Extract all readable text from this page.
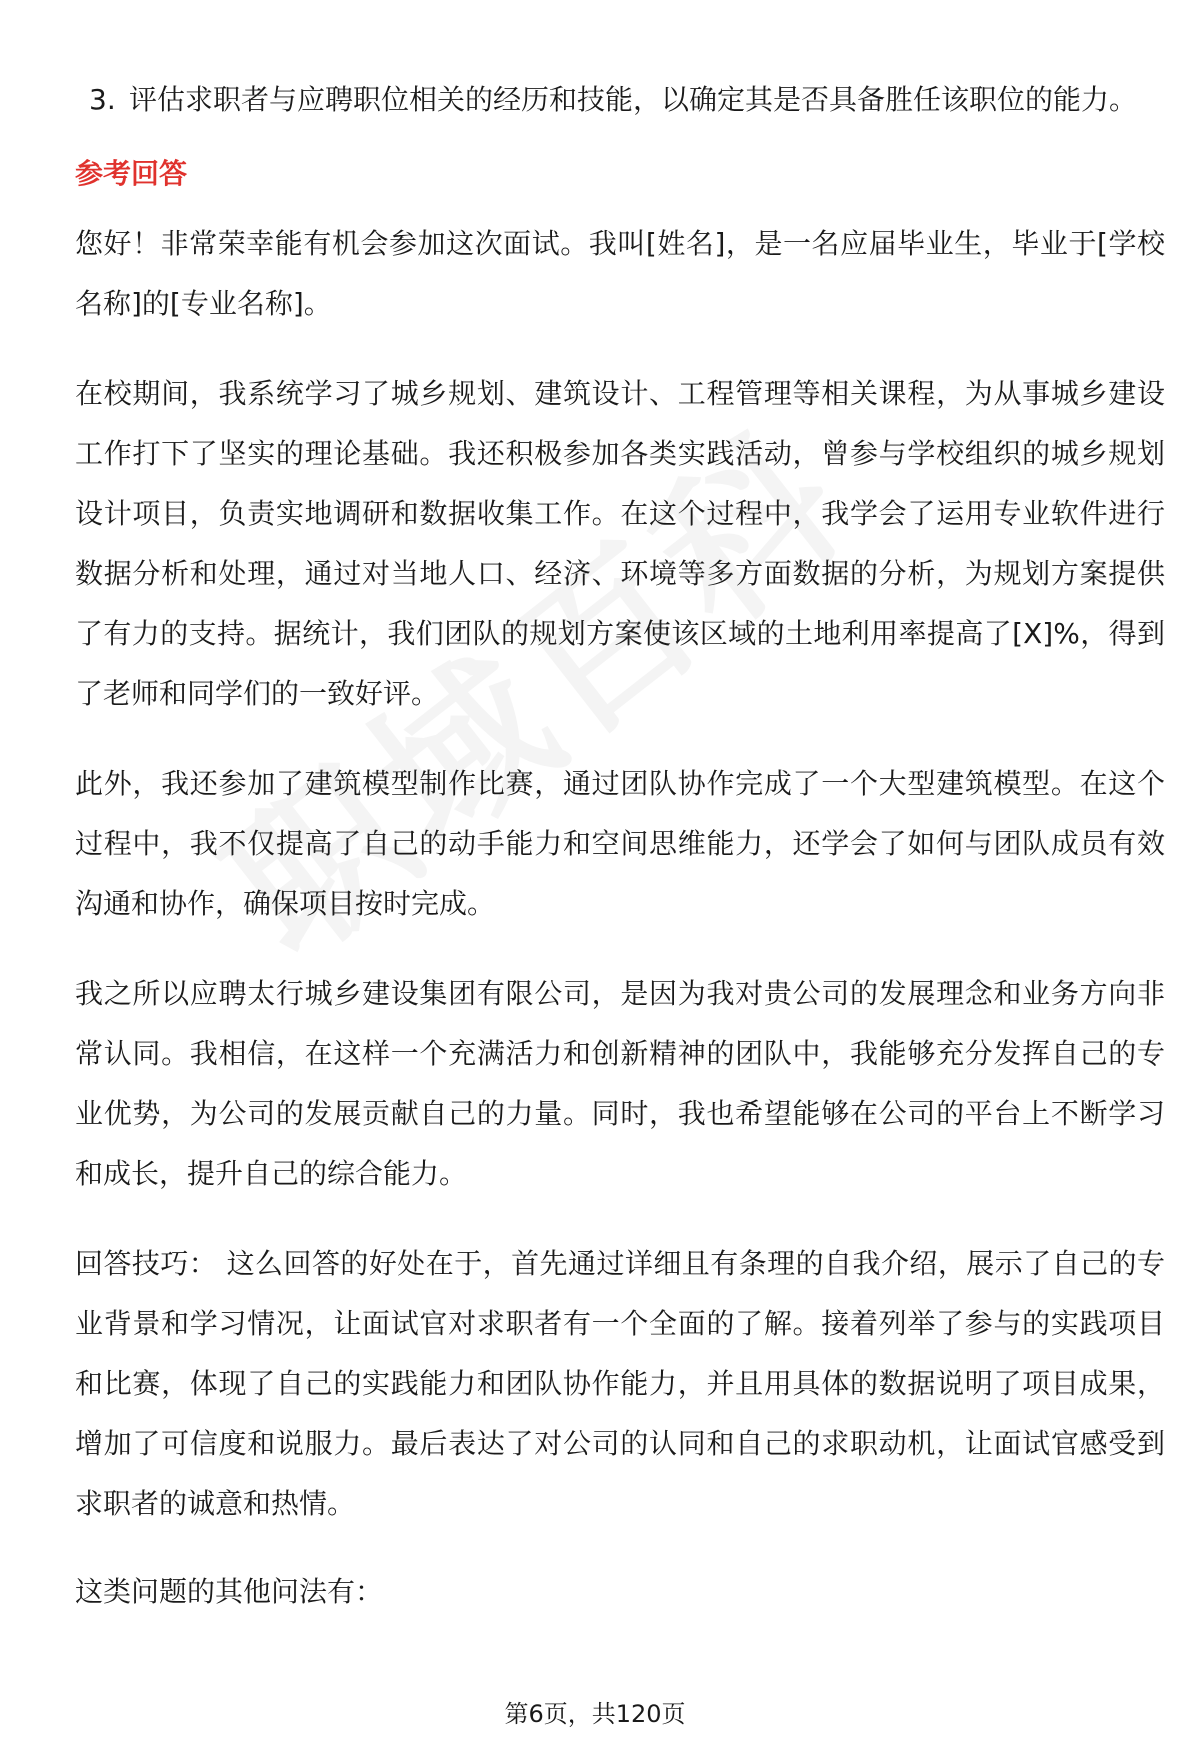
3. 评估求职者与应聘职位相关的经历和技能，以确定其是否具备胜任该职位的能力。
参考回答

您好！非常荣幸能有机会参加这次面试。我叫[姓名]，是一名应届毕业生，毕业于[学校名称]的[专业名称]。

在校期间，我系统学习了城乡规划、建筑设计、工程管理等相关课程，为从事城乡建设工作打下了坚实的理论基础。我还积极参加各类实践活动，曾参与学校组织的城乡规划设计项目，负责实地调研和数据收集工作。在这个过程中，我学会了运用专业软件进行数据分析和处理，通过对当地人口、经济、环境等多方面数据的分析，为规划方案提供了有力的支持。据统计，我们团队的规划方案使该区域的土地利用率提高了[X]%，得到了老师和同学们的一致好评。

此外，我还参加了建筑模型制作比赛，通过团队协作完成了一个大型建筑模型。在这个过程中，我不仅提高了自己的动手能力和空间思维能力，还学会了如何与团队成员有效沟通和协作，确保项目按时完成。

我之所以应聘太行城乡建设集团有限公司，是因为我对贵公司的发展理念和业务方向非常认同。我相信，在这样一个充满活力和创新精神的团队中，我能够充分发挥自己的专业优势，为公司的发展贡献自己的力量。同时，我也希望能够在公司的平台上不断学习和成长，提升自己的综合能力。

回答技巧： 这么回答的好处在于，首先通过详细且有条理的自我介绍，展示了自己的专业背景和学习情况，让面试官对求职者有一个全面的了解。接着列举了参与的实践项目和比赛，体现了自己的实践能力和团队协作能力，并且用具体的数据说明了项目成果，增加了可信度和说服力。最后表达了对公司的认同和自己的求职动机，让面试官感受到求职者的诚意和热情。

这类问题的其他问法有：

第6页，共120页
